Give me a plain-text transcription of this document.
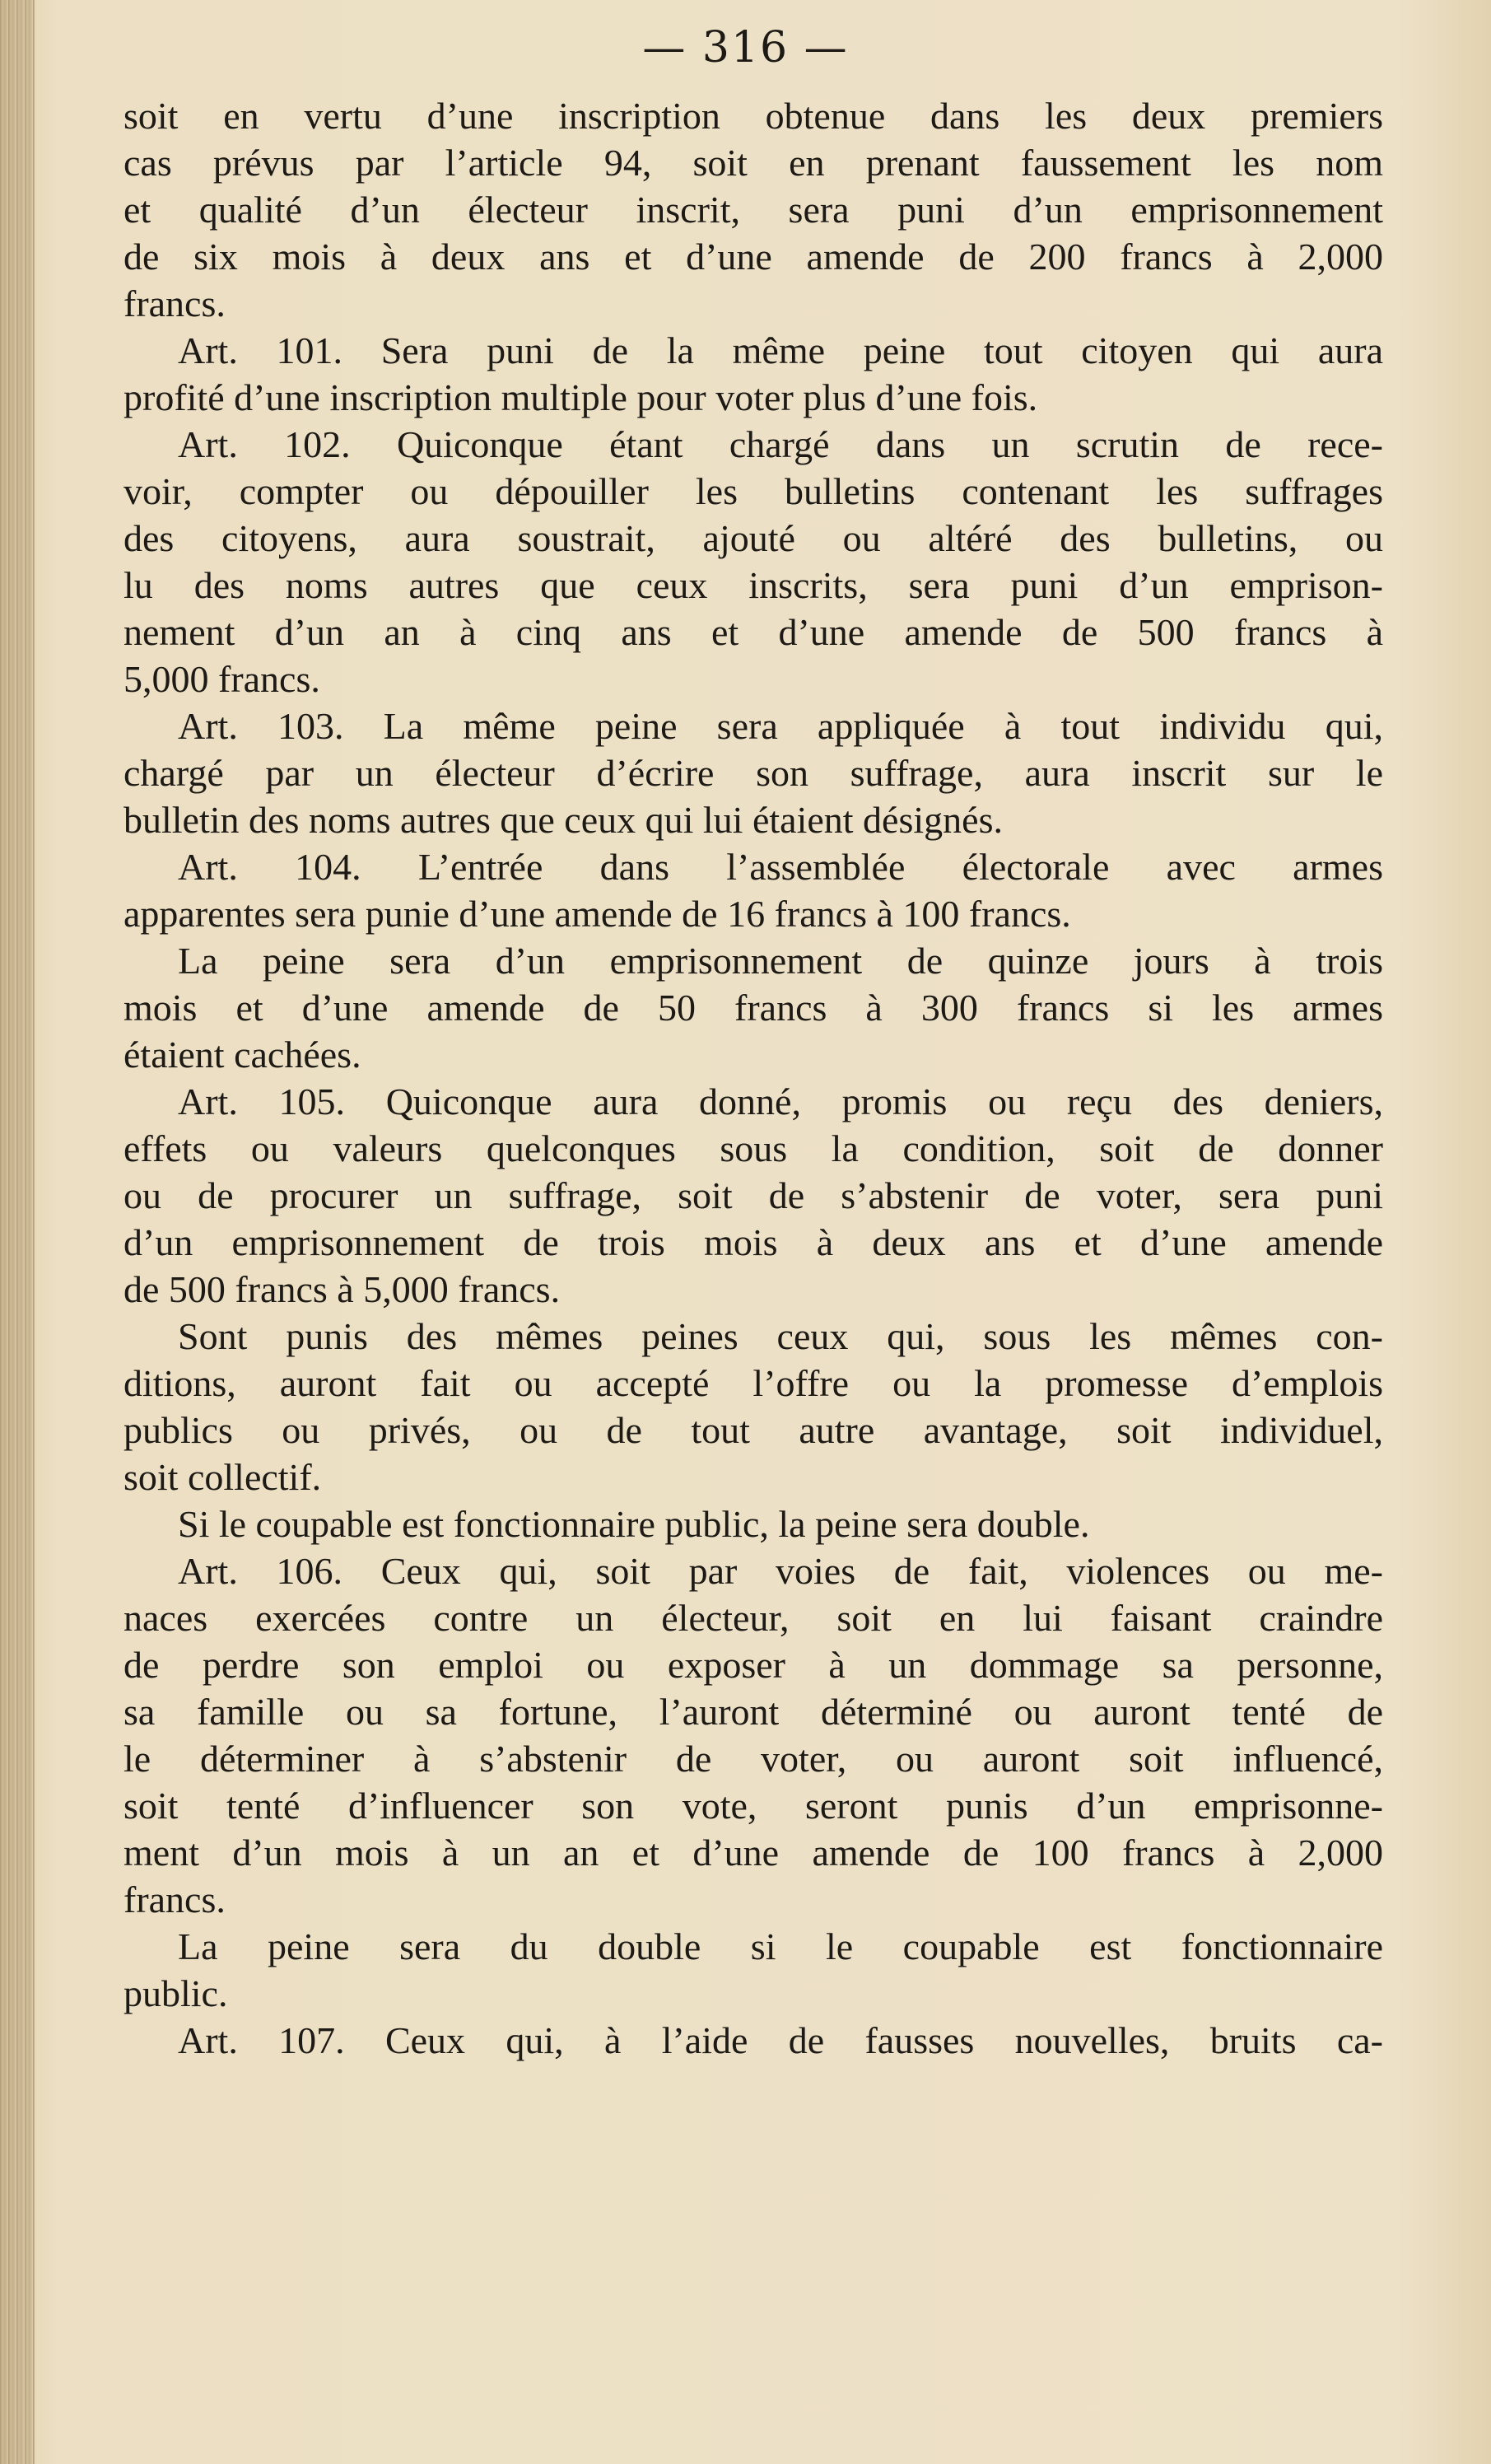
— 316 —
soit en vertu d’une inscription obtenue dans les deux premiers
cas prévus par l’article 94, soit en prenant faussement les nom
et qualité d’un électeur inscrit, sera puni d’un emprisonnement
de six mois à deux ans et d’une amende de 200 francs à 2,000
francs.
Art. 101. Sera puni de la même peine tout citoyen qui aura
profité d’une inscription multiple pour voter plus d’une fois.
Art. 102. Quiconque étant chargé dans un scrutin de rece-
voir, compter ou dépouiller les bulletins contenant les suffrages
des citoyens, aura soustrait, ajouté ou altéré des bulletins, ou
lu des noms autres que ceux inscrits, sera puni d’un emprison-
nement d’un an à cinq ans et d’une amende de 500 francs à
5,000 francs.
Art. 103. La même peine sera appliquée à tout individu qui,
chargé par un électeur d’écrire son suffrage, aura inscrit sur le
bulletin des noms autres que ceux qui lui étaient désignés.
Art. 104. L’entrée dans l’assemblée électorale avec armes
apparentes sera punie d’une amende de 16 francs à 100 francs.
La peine sera d’un emprisonnement de quinze jours à trois
mois et d’une amende de 50 francs à 300 francs si les armes
étaient cachées.
Art. 105. Quiconque aura donné, promis ou reçu des deniers,
effets ou valeurs quelconques sous la condition, soit de donner
ou de procurer un suffrage, soit de s’abstenir de voter, sera puni
d’un emprisonnement de trois mois à deux ans et d’une amende
de 500 francs à 5,000 francs.
Sont punis des mêmes peines ceux qui, sous les mêmes con-
ditions, auront fait ou accepté l’offre ou la promesse d’emplois
publics ou privés, ou de tout autre avantage, soit individuel,
soit collectif.
Si le coupable est fonctionnaire public, la peine sera double.
Art. 106. Ceux qui, soit par voies de fait, violences ou me-
naces exercées contre un électeur, soit en lui faisant craindre
de perdre son emploi ou exposer à un dommage sa personne,
sa famille ou sa fortune, l’auront déterminé ou auront tenté de
le déterminer à s’abstenir de voter, ou auront soit influencé,
soit tenté d’influencer son vote, seront punis d’un emprisonne-
ment d’un mois à un an et d’une amende de 100 francs à 2,000
francs.
La peine sera du double si le coupable est fonctionnaire
public.
Art. 107. Ceux qui, à l’aide de fausses nouvelles, bruits ca-
